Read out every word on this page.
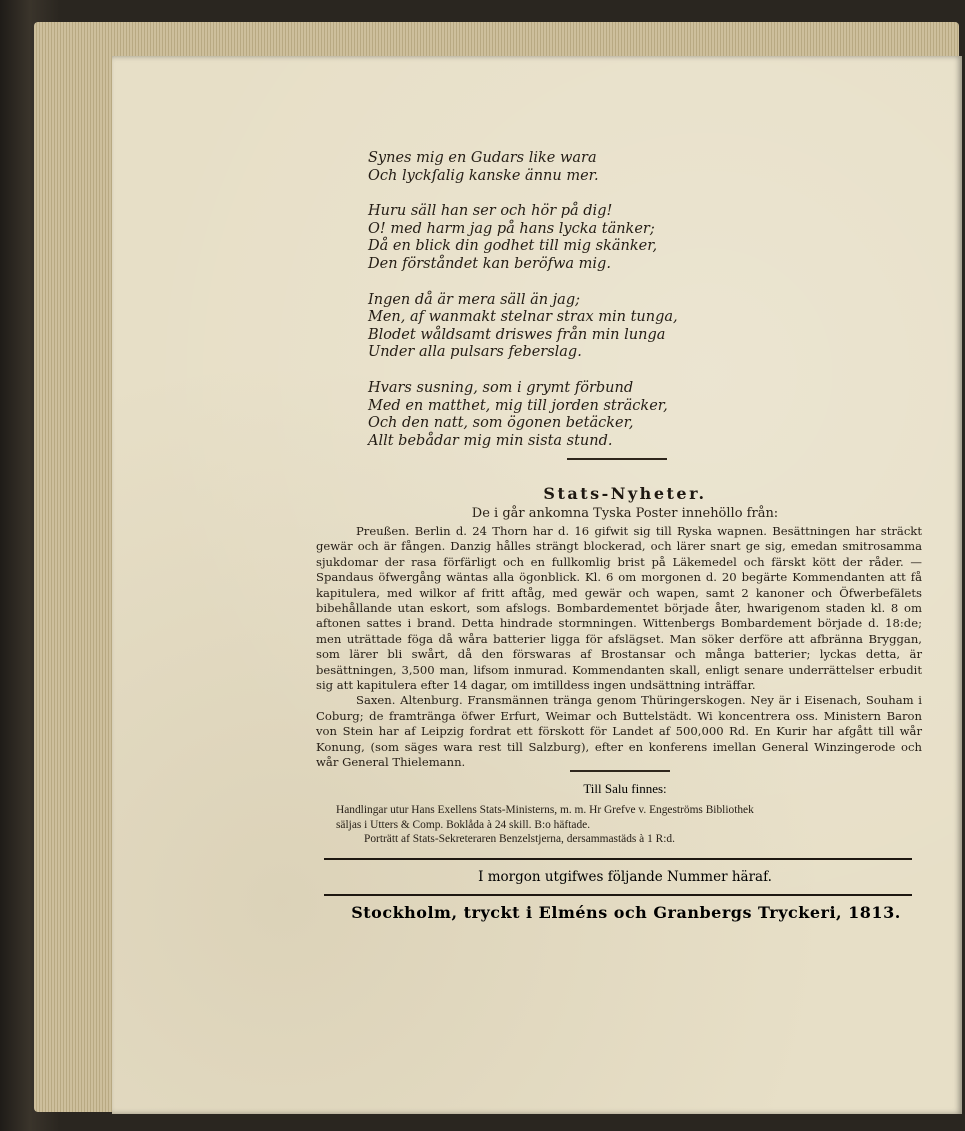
Synes mig en Gudars like wara
Och lyckſalig kanske ännu mer.
Huru säll han ser och hör på dig!
O! med harm jag på hans lycka tänker;
Då en blick din godhet till mig skänker,
Den förståndet kan beröfwa mig.
Ingen då är mera säll än jag;
Men, af wanmakt stelnar strax min tunga,
Blodet wåldsamt driswes från min lunga
Under alla pulsars feberslag.
Hvars susning, som i grymt förbund
Med en matthet, mig till jorden sträcker,
Och den natt, som ögonen betäcker,
Allt bebådar mig min sista stund.
Stats-Nyheter.
De i går ankomna Tyska Poster innehöllo från:

Preußen. Berlin d. 24 Thorn har d. 16 gifwit sig till Ryska wapnen. Besättningen har sträckt gewär och är fången. Danzig hålles strängt blockerad, och lärer snart ge sig, emedan smitrosamma sjukdomar der rasa förfärligt och en fullkomlig brist på Läkemedel och färskt kött der råder. — Spandaus öfwergång wäntas alla ögonblick. Kl. 6 om morgonen d. 20 begärte Kommendanten att få kapitulera, med wilkor af fritt aftåg, med gewär och wapen, samt 2 kanoner och Öfwerbefälets bibehållande utan eskort, som afslogs. Bombardementet började åter, hwarigenom staden kl. 8 om aftonen sattes i brand. Detta hindrade stormningen. Wittenbergs Bombardement började d. 18:de; men uträttade föga då wåra batterier ligga för afslägset. Man söker derföre att afbränna Bryggan, som lärer bli swårt, då den förswaras af Brostansar och många batterier; lyckas detta, är besättningen, 3,500 man, lifsom inmurad. Kommendanten skall, enligt senare underrättelser erbudit sig att kapitulera efter 14 dagar, om imtilldess ingen undsättning inträffar.

Saxen. Altenburg. Fransmännen tränga genom Thüringerskogen. Ney är i Eisenach, Souham i Coburg; de framtränga öfwer Erfurt, Weimar och Buttelstädt. Wi koncentrera oss. Ministern Baron von Stein har af Leipzig fordrat ett förskott för Landet af 500,000 Rd. En Kurir har afgått till wår Konung, (som säges wara rest till Salzburg), efter en konferens imellan General Winzingerode och wår General Thielemann.

Till Salu finnes:
Handlingar utur Hans Exellens Stats-Ministerns, m. m. Hr Grefve v. Engeströms Bibliothek
säljas i Utters & Comp. Boklåda à 24 skill. B:o häftade.
Porträtt af Stats-Sekreteraren Benzelstjerna, dersammastäds à 1 R:d.
I morgon utgifwes följande Nummer häraf.
Stockholm, tryckt i Elméns och Granbergs Tryckeri, 1813.
